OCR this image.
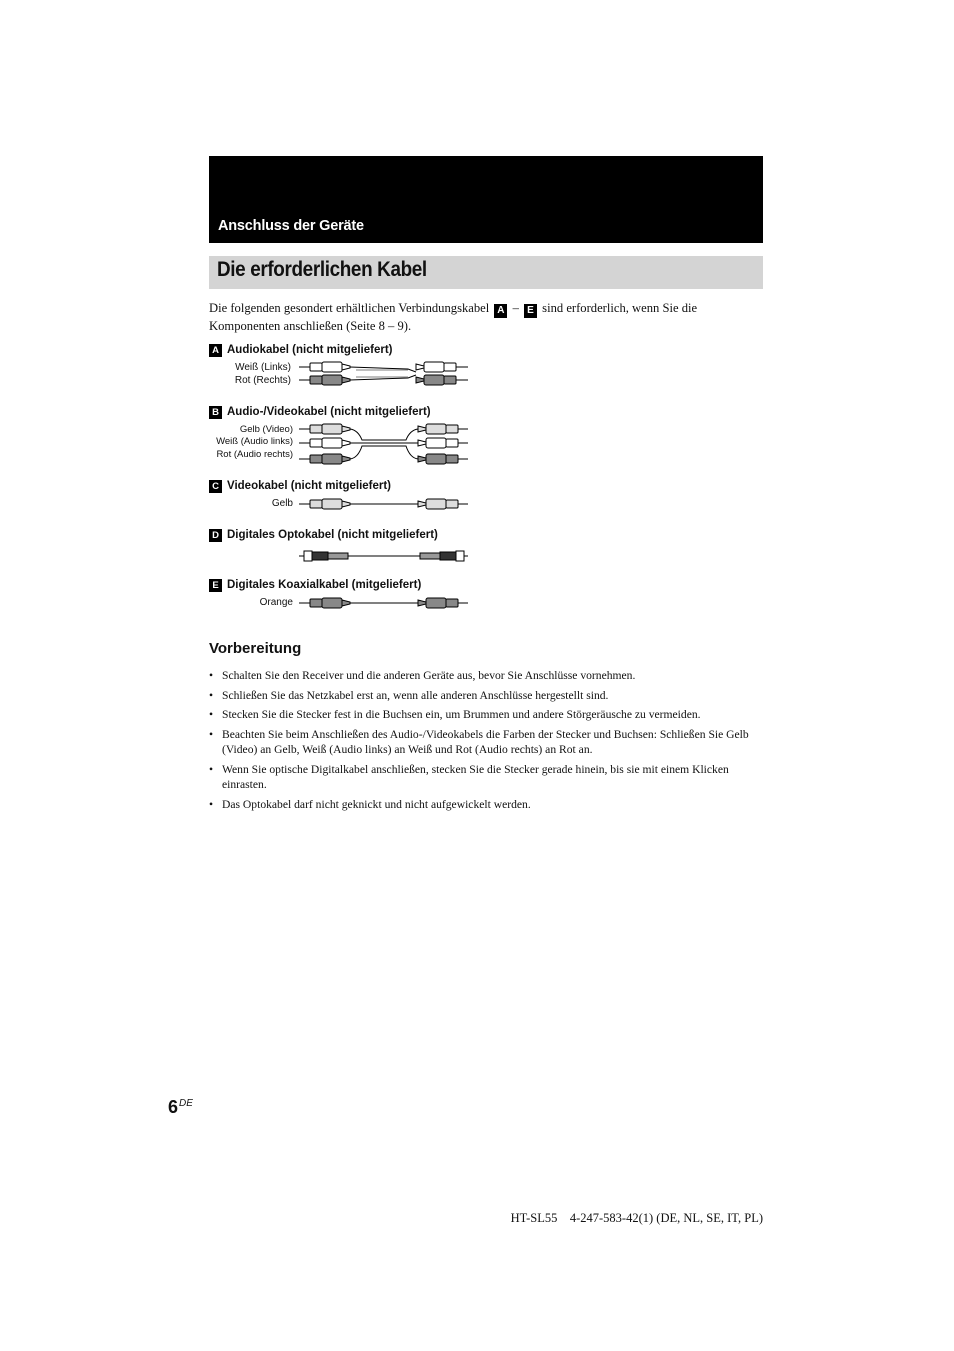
Anschluss der Geräte
Die erforderlichen Kabel
Die folgenden gesondert erhältlichen Verbindungskabel A – E sind erforderlich, wenn Sie die Komponenten anschließen (Seite 8 – 9).
A Audiokabel (nicht mitgeliefert)
Weiß (Links)
Rot (Rechts)
B Audio-/Videokabel (nicht mitgeliefert)
Gelb (Video)
Weiß (Audio links)
Rot (Audio rechts)
C Videokabel (nicht mitgeliefert)
Gelb
D Digitales Optokabel (nicht mitgeliefert)
E Digitales Koaxialkabel (mitgeliefert)
Orange
Vorbereitung
• Schalten Sie den Receiver und die anderen Geräte aus, bevor Sie Anschlüsse vornehmen.
• Schließen Sie das Netzkabel erst an, wenn alle anderen Anschlüsse hergestellt sind.
• Stecken Sie die Stecker fest in die Buchsen ein, um Brummen und andere Störgeräusche zu vermeiden.
• Beachten Sie beim Anschließen des Audio-/Videokabels die Farben der Stecker und Buchsen: Schließen Sie Gelb (Video) an Gelb, Weiß (Audio links) an Weiß und Rot (Audio rechts) an Rot an.
• Wenn Sie optische Digitalkabel anschließen, stecken Sie die Stecker gerade hinein, bis sie mit einem Klicken einrasten.
• Das Optokabel darf nicht geknickt und nicht aufgewickelt werden.
6DE
HT-SL55    4-247-583-42(1) (DE, NL, SE, IT, PL)
